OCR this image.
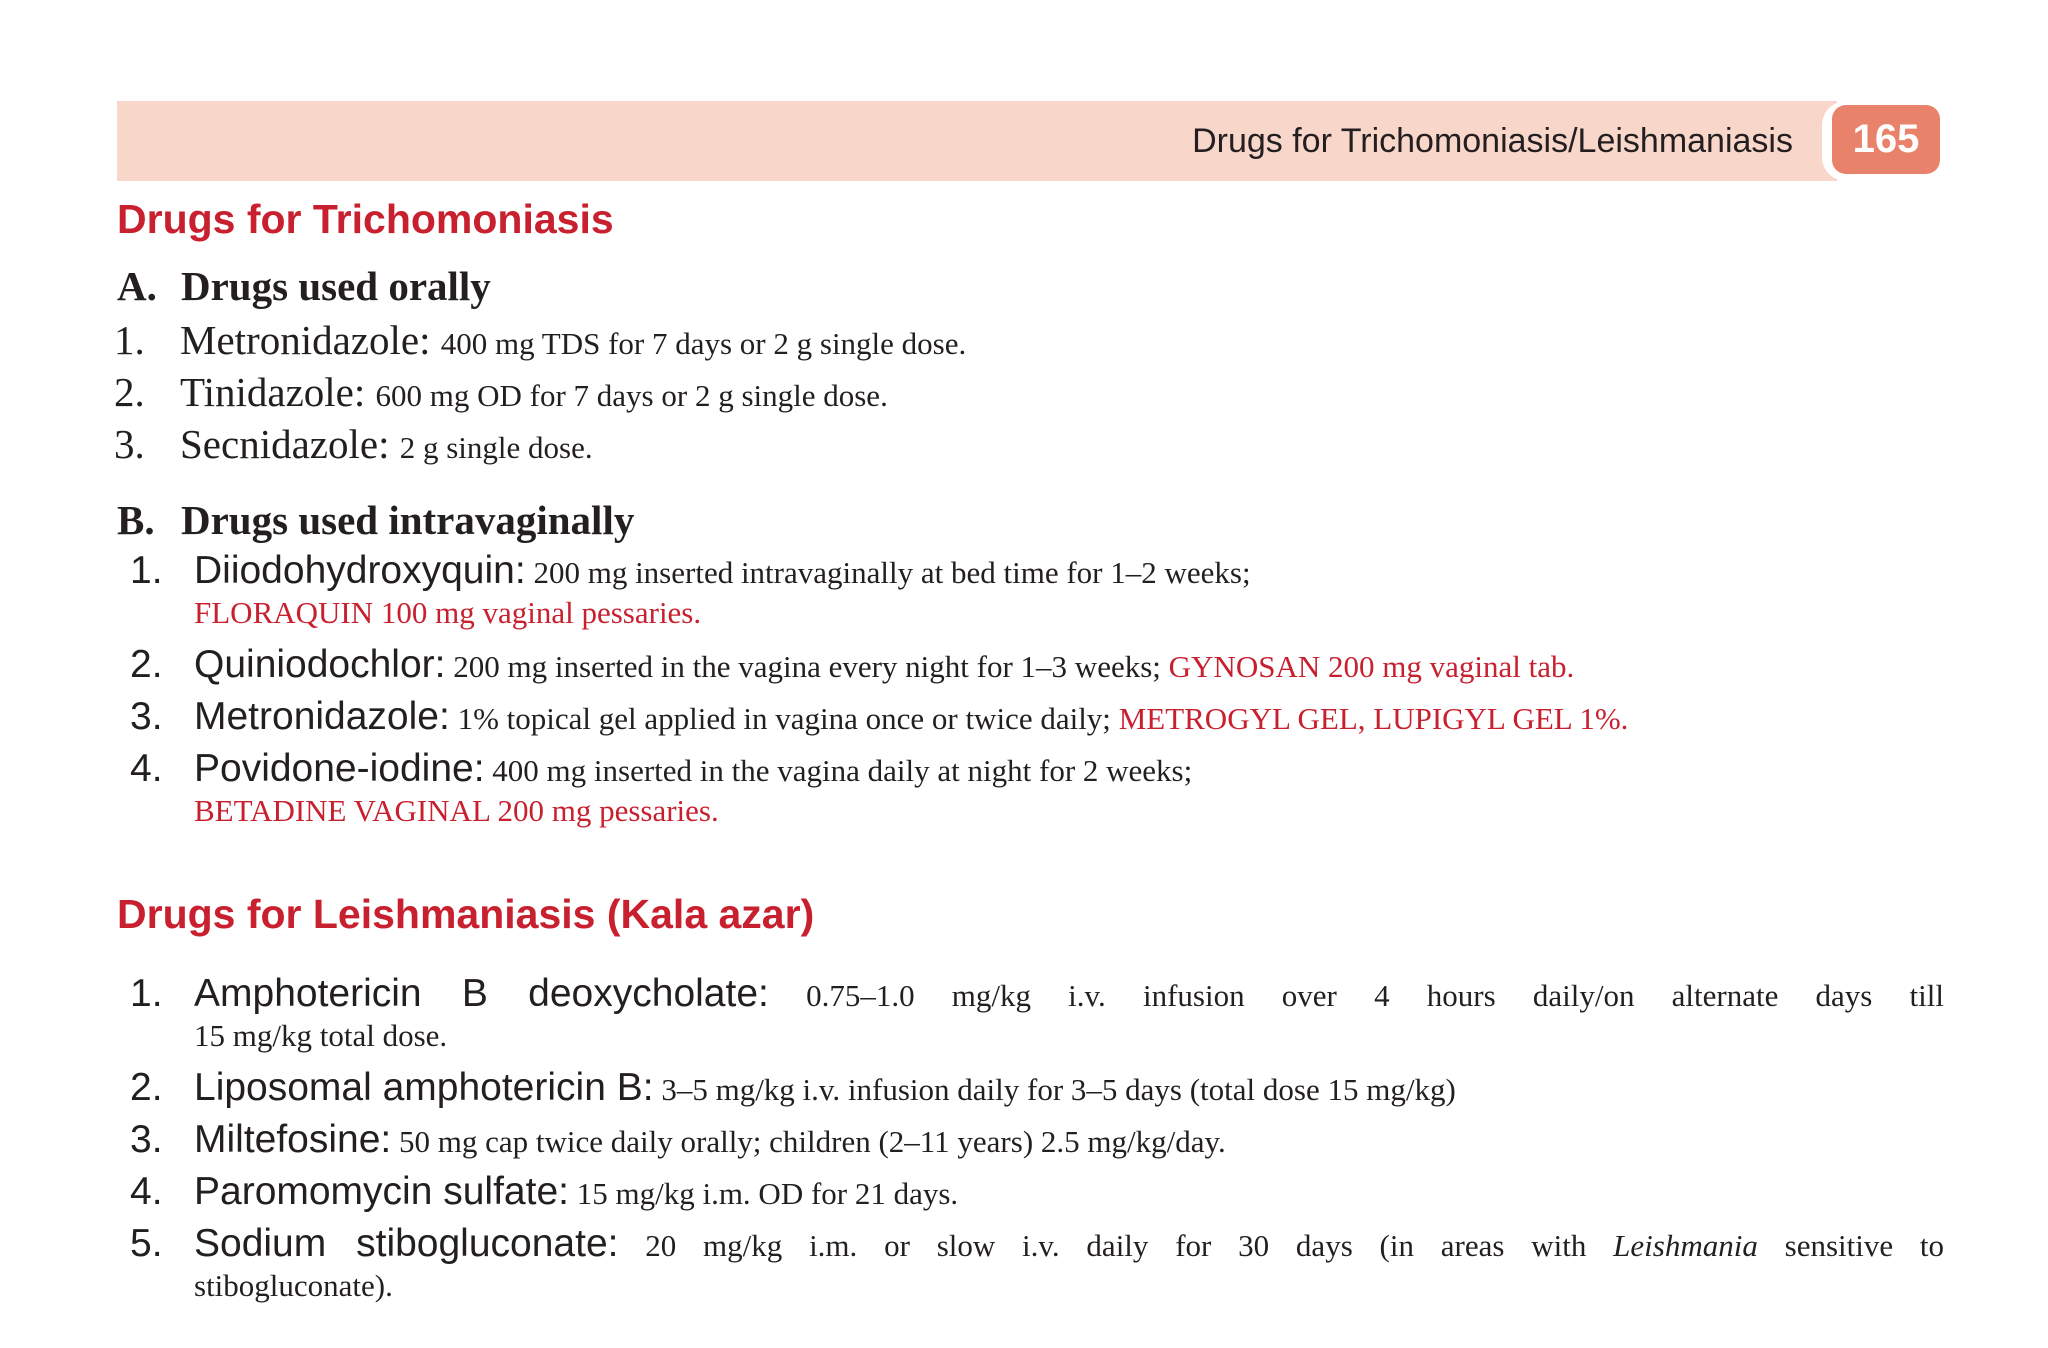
Drugs for Trichomoniasis/Leishmaniasis	165
Drugs for Trichomoniasis
A. Drugs used orally
1. Metronidazole: 400 mg TDS for 7 days or 2 g single dose.
2. Tinidazole: 600 mg OD for 7 days or 2 g single dose.
3. Secnidazole: 2 g single dose.
B. Drugs used intravaginally
1. Diiodohydroxyquin: 200 mg inserted intravaginally at bed time for 1–2 weeks;
FLORAQUIN 100 mg vaginal pessaries.
2. Quiniodochlor: 200 mg inserted in the vagina every night for 1–3 weeks; GYNOSAN 200 mg vaginal tab.
3. Metronidazole: 1% topical gel applied in vagina once or twice daily; METROGYL GEL, LUPIGYL GEL 1%.
4. Povidone-iodine: 400 mg inserted in the vagina daily at night for 2 weeks;
BETADINE VAGINAL 200 mg pessaries.
Drugs for Leishmaniasis (Kala azar)
1. Amphotericin B deoxycholate: 0.75–1.0 mg/kg i.v. infusion over 4 hours daily/on alternate days till
15 mg/kg total dose.
2. Liposomal amphotericin B: 3–5 mg/kg i.v. infusion daily for 3–5 days (total dose 15 mg/kg)
3. Miltefosine: 50 mg cap twice daily orally; children (2–11 years) 2.5 mg/kg/day.
4. Paromomycin sulfate: 15 mg/kg i.m. OD for 21 days.
5. Sodium stibogluconate: 20 mg/kg i.m. or slow i.v. daily for 30 days (in areas with Leishmania sensitive to
stibogluconate).
